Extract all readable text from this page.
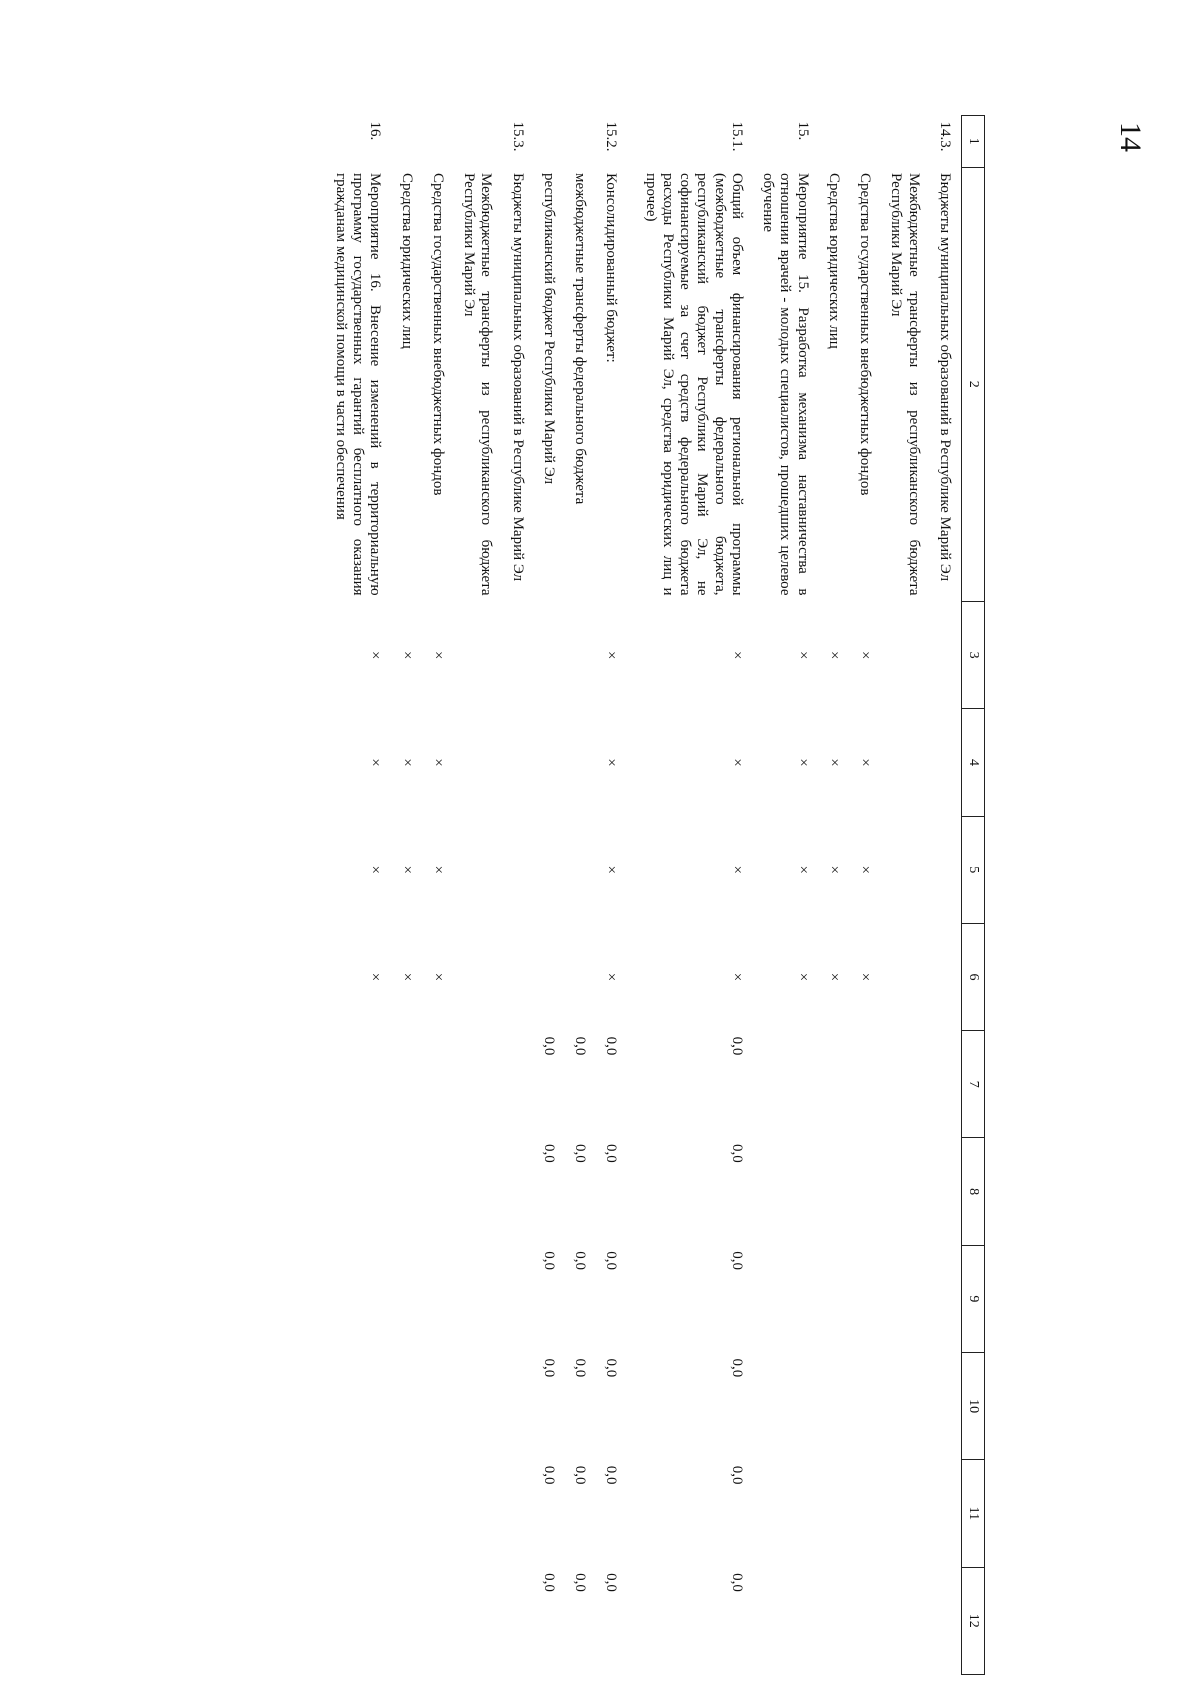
14
1	2	3	4	5	6	7	8	9	10	11	12
14.3.	Бюджеты муниципальных образований в Республике Марий Эл										
	Межбюджетные трансферты из республиканского бюджета Республики Марий Эл										
	Средства государственных внебюджетных фондов	×	×	×	×						
	Средства юридических лиц	×	×	×	×						
15.	Мероприятие 15. Разработка механизма наставничества в отношении врачей - молодых специалистов, прошедших целевое обучение	×	×	×	×						
15.1.	Общий объем финансирования региональной программы (межбюджетные трансферты федерального бюджета, республиканский бюджет Республики Марий Эл, не софинансируемые за счет средств федерального бюджета расходы Республики Марий Эл, средства юридических лиц и прочее)	×	×	×	×	0,0	0,0	0,0	0,0	0,0	0,0
15.2.	Консолидированный бюджет:	×	×	×	×	0,0	0,0	0,0	0,0	0,0	0,0
	межбюджетные трансферты федерального бюджета					0,0	0,0	0,0	0,0	0,0	0,0
	республиканский бюджет Республики Марий Эл					0,0	0,0	0,0	0,0	0,0	0,0
15.3.	Бюджеты муниципальных образований в Республике Марий Эл										
	Межбюджетные трансферты из республиканского бюджета Республики Марий Эл										
	Средства государственных внебюджетных фондов	×	×	×	×						
	Средства юридических лиц	×	×	×	×						
16.	Мероприятие 16. Внесение изменений в территориальную программу государственных гарантий бесплатного оказания гражданам медицинской помощи в части обеспечения	×	×	×	×						
